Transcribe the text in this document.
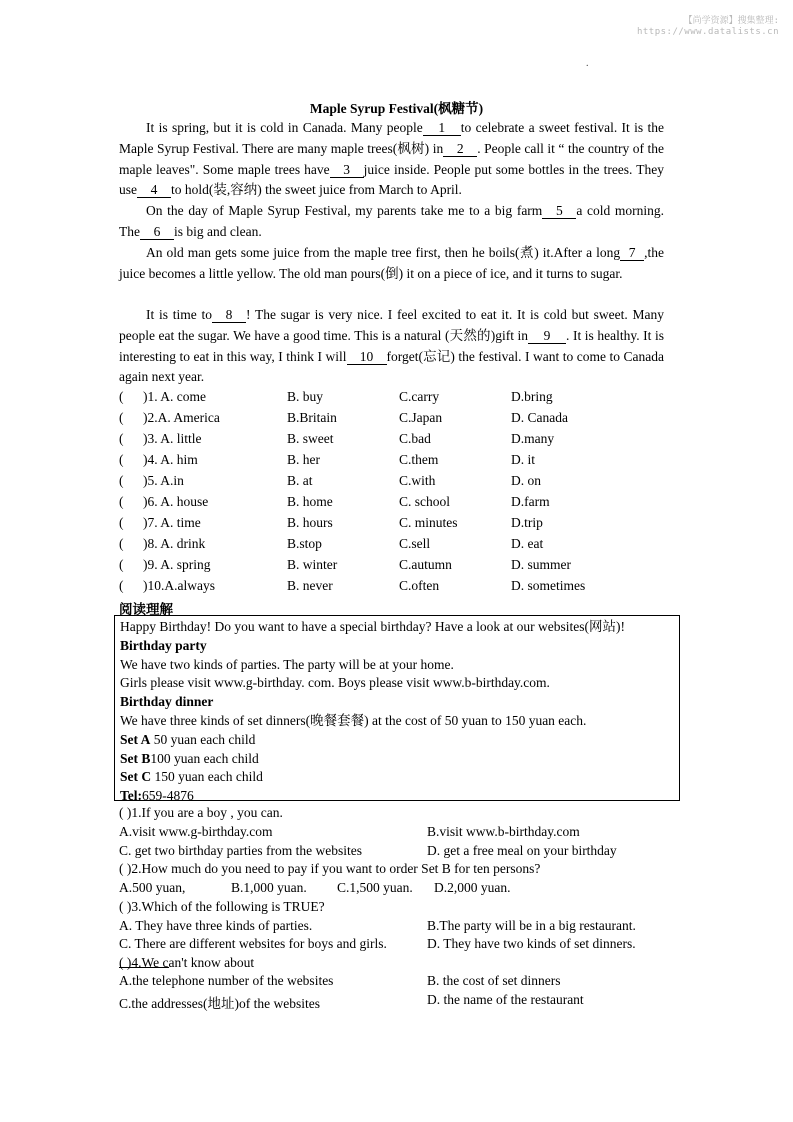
【尚学资源】搜集整理:
https://www.datalists.cn
.
Maple Syrup Festival(枫糖节)
It is spring, but it is cold in Canada. Many people 1 to celebrate a sweet festival. It is the Maple Syrup Festival. There are many maple trees(枫树) in 2 . People call it “ the country of the maple leaves". Some maple trees have 3 juice inside. People put some bottles in the trees. They use 4 to hold(装,容纳) the sweet juice from March to April.
On the day of Maple Syrup Festival, my parents take me to a big farm 5 a cold morning. The 6 is big and clean.
An old man gets some juice from the maple tree first, then he boils(煮) it.After a long 7 ,the juice becomes a little yellow. The old man pours(倒) it on a piece of ice, and it turns to sugar.
It is time to 8 ! The sugar is very nice. I feel excited to eat it. It is cold but sweet. Many people eat the sugar. We have a good time. This is a natural (天然的)gift in 9 . It is healthy. It is interesting to eat in this way, I think I will 10 forget(忘记) the festival. I want to come to Canada again next year.
( )1. A. come	B. buy	C.carry	D.bring
( )2.A. America	B.Britain	C.Japan	D. Canada
( )3. A. little	B. sweet	C.bad	D.many
( )4. A. him	B. her	C.them	D. it
( )5. A.in	B. at	C.with	D. on
( )6. A. house	B. home	C. school	D.farm
( )7. A. time	B. hours	C. minutes	D.trip
( )8. A. drink	B.stop	C.sell	D. eat
( )9. A. spring	B. winter	C.autumn	D. summer
( )10.A.always	B. never	C.often	D. sometimes
阅读理解
Happy Birthday! Do you want to have a special birthday? Have a look at our websites(网站)!
Birthday party
We have two kinds of parties. The party will be at your home.
Girls please visit www.g-birthday. com. Boys please visit www.b-birthday.com.
Birthday dinner
We have three kinds of set dinners(晚餐套餐) at the cost of 50 yuan to 150 yuan each.
Set A 50 yuan each child
Set B100 yuan each child
Set C 150 yuan each child
Tel:659-4876
( )1.If you are a boy , you can.
A.visit www.g-birthday.com	B.visit www.b-birthday.com
C. get two birthday parties from the websites	D. get a free meal on your birthday
( )2.How much do you need to pay if you want to order Set B for ten persons?
A.500 yuan,	B.1,000 yuan. C.1,500 yuan. D.2,000 yuan.
( )3.Which of the following is TRUE?
A. They have three kinds of parties.	B.The party will be in a big restaurant.
C. There are different websites for boys and girls.	D. They have two kinds of set dinners.
( )4.We can't know about
A.the telephone number of the websites	B. the cost of set dinners
C.the addresses(地址)of the websites	D. the name of the restaurant
